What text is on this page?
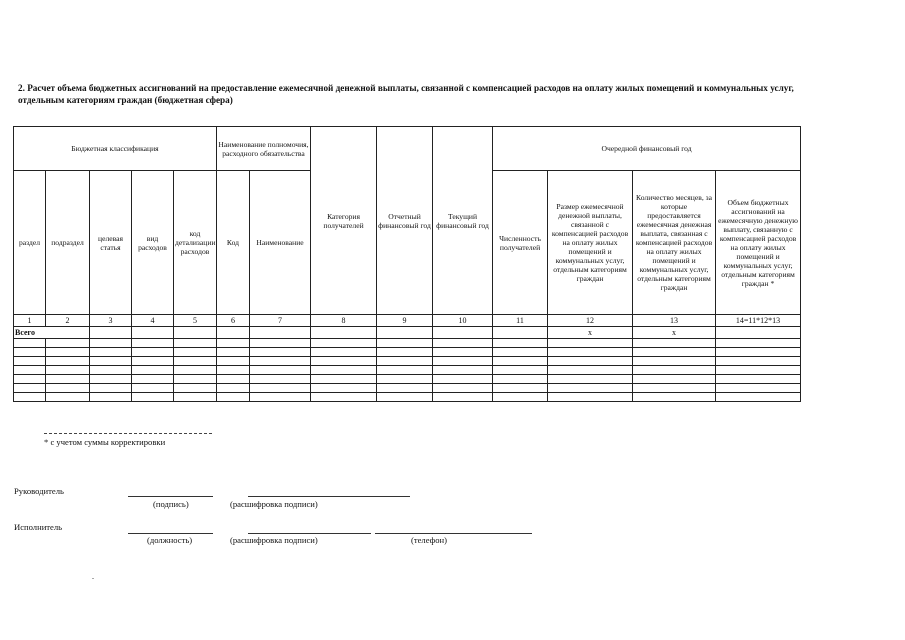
2. Расчет объема бюджетных ассигнований на предоставление ежемесячной денежной выплаты, связанной с компенсацией расходов на оплату жилых помещений и коммунальных услуг, отдельным категориям граждан (бюджетная сфера)
Бюджетная классификация					Наименование полномочия, расходного обязательства		Категория получателей	Отчетный финансовый год	Текущий финансовый год	Очередной финансовый год			
раздел	подраздел	целевая статья	вид расходов	код детализации расходов	Код	Наименование				Численность получателей	Размер ежемесячной денежной выплаты, связанной с компенсацией расходов на оплату жилых помещений и коммунальных услуг, отдельным категориям граждан	Количество месяцев, за которые предоставляется ежемесячная денежная выплата, связанная с компенсацией расходов на оплату жилых помещений и коммунальных услуг, отдельным категориям граждан	Объем бюджетных ассигнований на ежемесячную денежную выплату, связанную с компенсацией расходов на оплату жилых помещений и коммунальных услуг, отдельным категориям граждан *
1	2	3	4	5	6	7	8	9	10	11	12	13	14=11*12*13
Всего											x	x	

* с учетом суммы корректировки
Руководитель
(подпись)	(расшифровка подписи)
Исполнитель
(должность)	(расшифровка подписи)	(телефон)
.
